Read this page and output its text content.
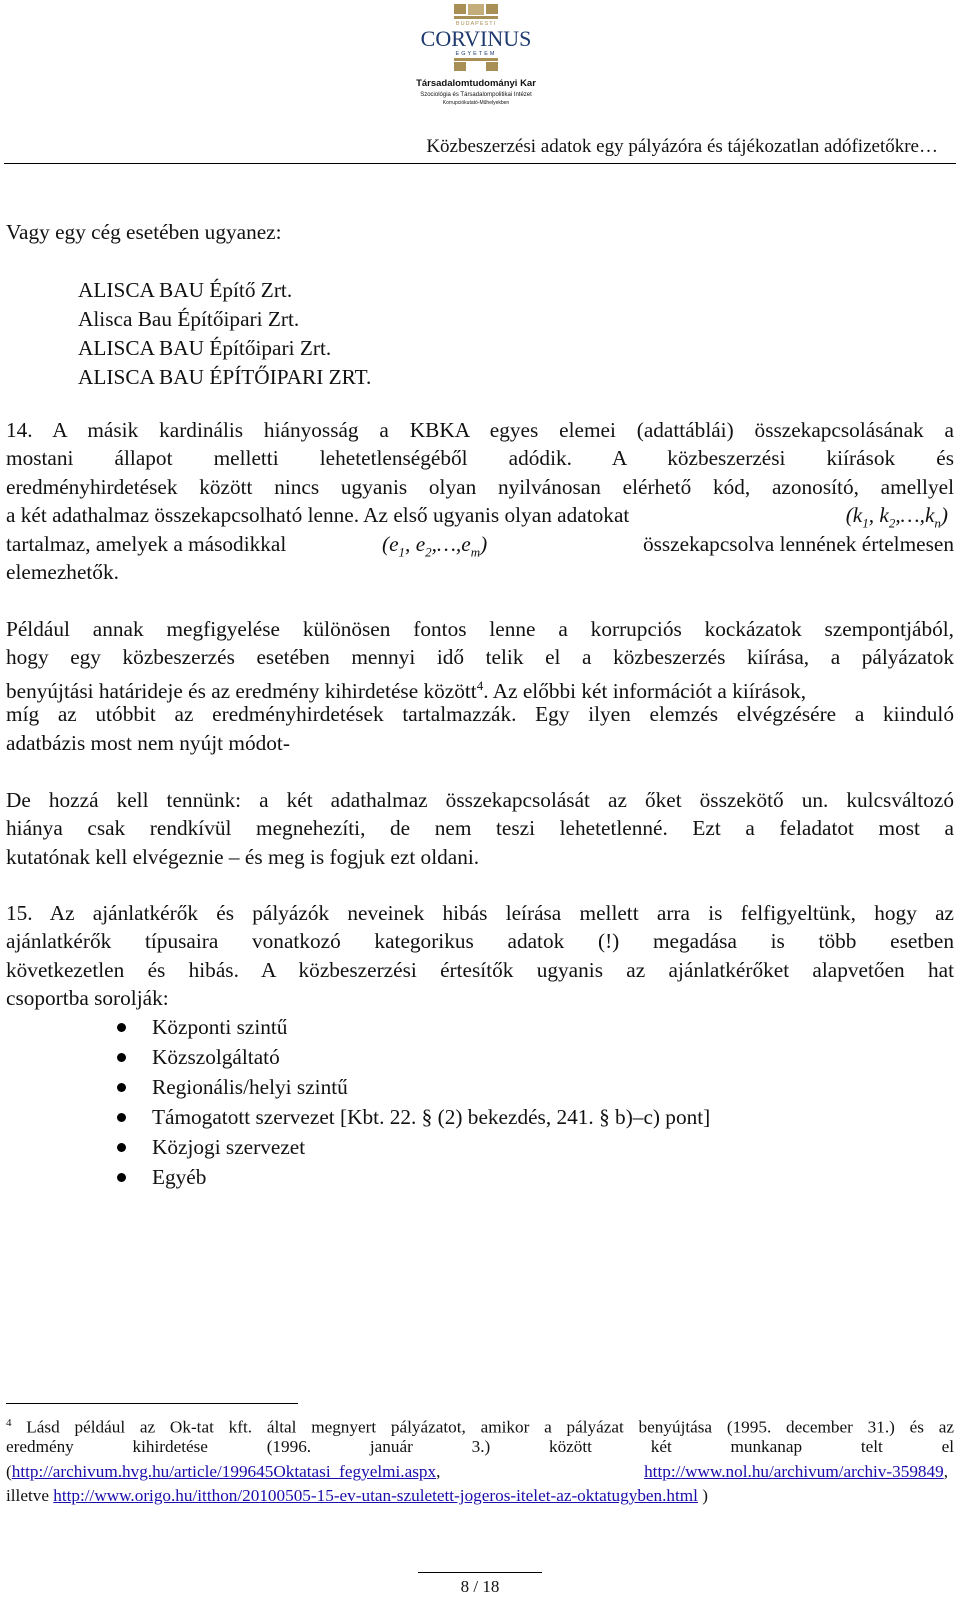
BUDAPESTI
CORVINUS
EGYETEM
Társadalomtudományi Kar
Szociológia és Társadalompolitikai Intézet
Korrupciókutató-Műhelyekben
Közbeszerzési adatok egy pályázóra és tájékozatlan adófizetőkre…

Vagy egy cég esetében ugyanez:

ALISCA BAU Építő Zrt.
Alisca Bau Építőipari Zrt.
ALISCA BAU Építőipari Zrt.
ALISCA BAU ÉPÍTŐIPARI ZRT.
14. A másik kardinális hiányosság a KBKA egyes elemei (adattáblái) összekapcsolásának a
mostani állapot melletti lehetetlenségéből adódik. A közbeszerzési kiírások és
eredményhirdetések között nincs ugyanis olyan nyilvánosan elérhető kód, azonosító, amellyel
a két adathalmaz összekapcsolható lenne. Az első ugyanis olyan adatokat	($k_1$, $k_2,\dots,k_n$)
tartalmaz, amelyek a másodikkal	($e_1$, $e_2,\dots,e_m$)	összekapcsolva lennének értelmesen
elemezhetők.
Például annak megfigyelése különösen fontos lenne a korrupciós kockázatok szempontjából,
hogy egy közbeszerzés esetében mennyi idő telik el a közbeszerzés kiírása, a pályázatok
benyújtási határideje és az eredmény kihirdetése között$^4$. Az előbbi két információt a kiírások,
míg az utóbbit az eredményhirdetések tartalmazzák. Egy ilyen elemzés elvégzésére a kiinduló
adatbázis most nem nyújt módot-
De hozzá kell tennünk: a két adathalmaz összekapcsolását az őket összekötő un. kulcsváltozó
hiánya csak rendkívül megnehezíti, de nem teszi lehetetlenné. Ezt a feladatot most a
kutatónak kell elvégeznie – és meg is fogjuk ezt oldani.
15. Az ajánlatkérők és pályázók neveinek hibás leírása mellett arra is felfigyeltünk, hogy az
ajánlatkérők típusaira vonatkozó kategorikus adatok (!) megadása is több esetben
következetlen és hibás. A közbeszerzési értesítők ugyanis az ajánlatkérőket alapvetően hat
csoportba sorolják:
Központi szintű
Közszolgáltató
Regionális/helyi szintű
Támogatott szervezet [Kbt. 22. § (2) bekezdés, 241. § b)–c) pont]
Közjogi szervezet
Egyéb
$^4$ Lásd például az Ok-tat kft. által megnyert pályázatot, amikor a pályázat benyújtása (1995. december 31.) és az
eredmény kihirdetése (1996. január 3.) között két munkanap telt el
(http://archivum.hvg.hu/article/199645Oktatasi_fegyelmi.aspx,	http://www.nol.hu/archivum/archiv-359849,
illetve http://www.origo.hu/itthon/20100505-15-ev-utan-szuletett-jogeros-itelet-az-oktatugyben.html )
8 / 18
